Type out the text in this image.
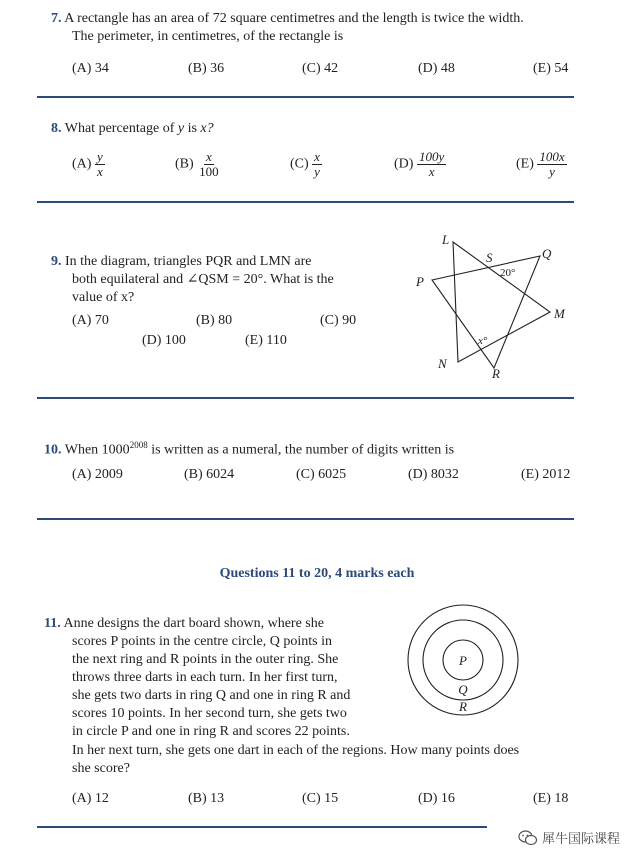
7. A rectangle has an area of 72 square centimetres and the length is twice the width.
The perimeter, in centimetres, of the rectangle is
(A) 34	(B) 36	(C) 42	(D) 48	(E) 54
8. What percentage of y is x?
$(A) \frac{y}{x}$	$(B) \frac{x}{100}$	$(C) \frac{x}{y}$	$(D) \frac{100y}{x}$	$(E) \frac{100x}{y}$
9. In the diagram, triangles PQR and LMN are
both equilateral and ∠QSM = 20°. What is the
value of x?
(A) 70	(B) 80	(C) 90
(D) 100	(E) 110
L
S	Q
P
M
N
R
20°
x°
10. When $1000^{2008}$ is written as a numeral, the number of digits written is
(A) 2009	(B) 6024	(C) 6025	(D) 8032	(E) 2012
Questions 11 to 20, 4 marks each
11. Anne designs the dart board shown, where she
scores P points in the centre circle, Q points in
the next ring and R points in the outer ring. She
throws three darts in each turn. In her first turn,
she gets two darts in ring Q and one in ring R and
scores 10 points. In her second turn, she gets two
in circle P and one in ring R and scores 22 points.
P
Q
R
In her next turn, she gets one dart in each of the regions. How many points does
she score?
(A) 12	(B) 13	(C) 15	(D) 16	(E) 18
犀牛国际课程
